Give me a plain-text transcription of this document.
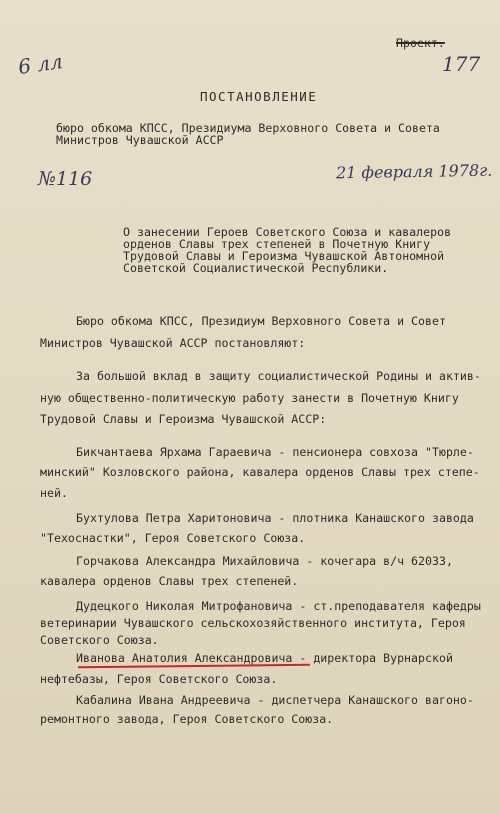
6 лл
Проект.
177
ПОСТАНОВЛЕНИЕ
бюро обкома КПСС, Президиума Верховного Совета и Совета
Министров Чувашской АССР
№116	21 февраля 1978г.
О занесении Героев Советского Союза и кавалеров
орденов Славы трех степеней в Почетную Книгу
Трудовой Славы и Героизма Чувашской Автономной
Советской Социалистической Республики.
Бюро обкома КПСС, Президиум Верховного Совета и Совет
Министров Чувашской АССР постановляют:
За большой вклад в защиту социалистической Родины и актив-
ную общественно-политическую работу занести в Почетную Книгу
Трудовой Славы и Героизма Чувашской АССР:
Бикчантаева Ярхама Гараевича - пенсионера совхоза "Тюрле-
минский" Козловского района, кавалера орденов Славы трех степе-
ней.
Бухтулова Петра Харитоновича - плотника Канашского завода
"Техоснастки", Героя Советского Союза.
Горчакова Александра Михайловича - кочегара в/ч 62033,
кавалера орденов Славы трех степеней.
Дудецкого Николая Митрофановича - ст.преподавателя кафедры
ветеринарии Чувашского сельскохозяйственного института, Героя
Советского Союза.
Иванова Анатолия Александровича - директора Вурнарской
нефтебазы, Героя Советского Союза.
Кабалина Ивана Андреевича - диспетчера Канашского вагоно-
ремонтного завода, Героя Советского Союза.
